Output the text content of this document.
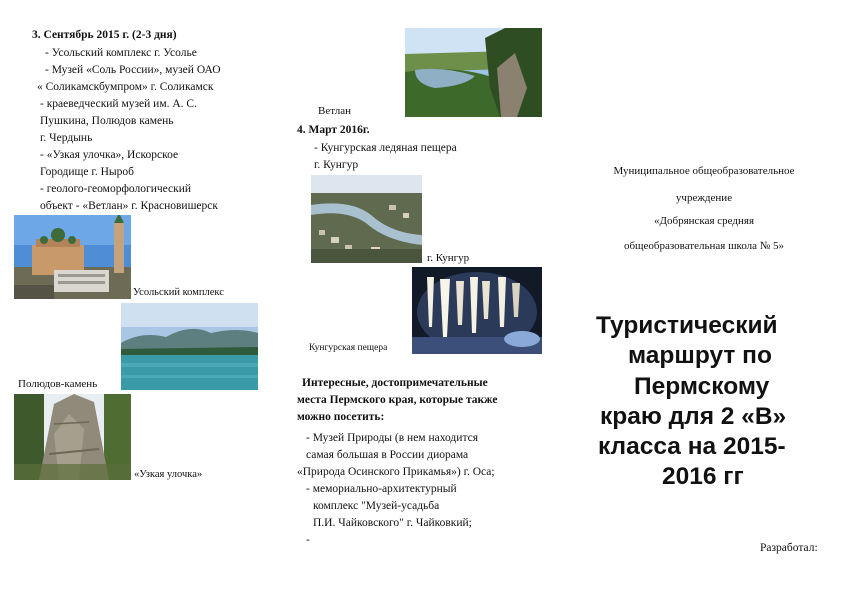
3. Сентябрь 2015 г. (2-3 дня)
- Усольский комплекс г. Усолье
- Музей «Соль России», музей ОАО
« Соликамскбумпром» г. Соликамск
- краеведческий музей им. А. С.
Пушкина, Полюдов камень
г. Чердынь
- «Узкая улочка», Искорское
Городище г. Ныроб
- геолого-геоморфологический
объект - «Ветлан» г. Красновишерск
Усольский комплекс
Полюдов-камень
«Узкая улочка»
Ветлан
4. Март 2016г.
- Кунгурская ледяная пещера
г. Кунгур
г. Кунгур
Кунгурская пещера
Интересные, достопримечательные
места Пермского края, которые также
можно посетить:
- Музей Природы (в нем находится
самая большая в России диорама
«Природа Осинского Прикамья») г. Оса;
- мемориально-архитектурный
комплекс "Музей-усадьба
П.И. Чайковского" г. Чайковкий;
-
Муниципальное общеобразовательное
учреждение
«Добрянская средняя
общеобразовательная школа № 5»
Туристический
маршрут по
Пермскому
краю для 2 «В»
класса на 2015-
2016 гг
Разработал:
